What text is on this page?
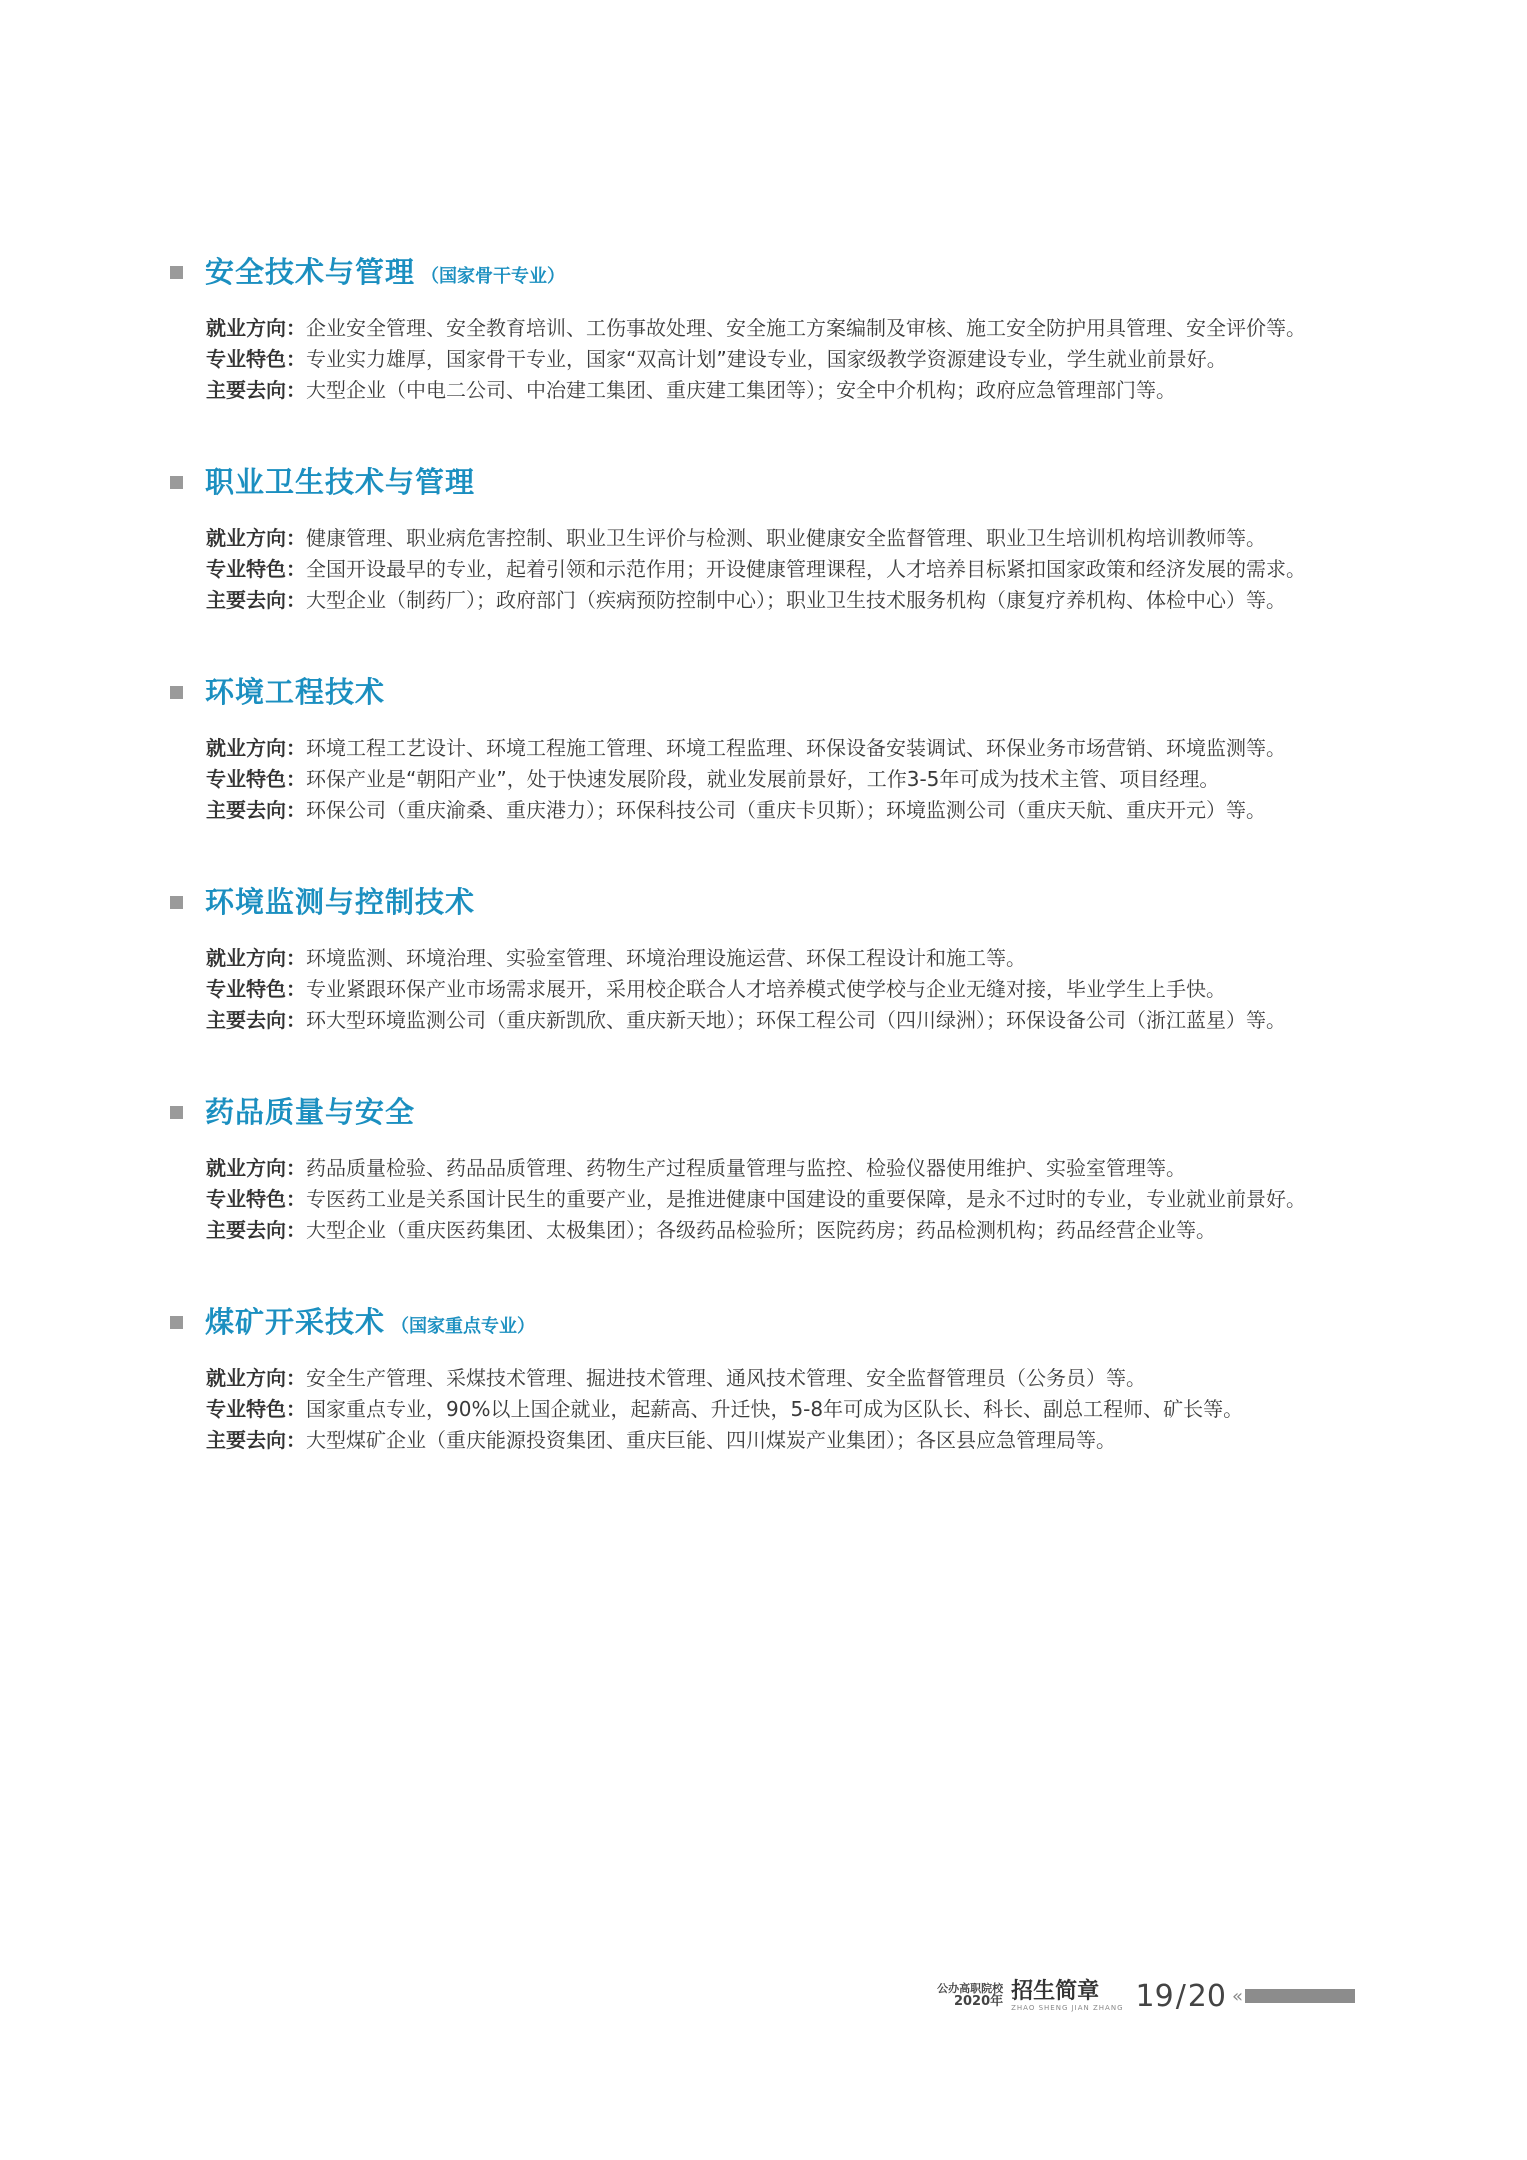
安全技术与管理 （国家骨干专业）
就业方向：企业安全管理、安全教育培训、工伤事故处理、安全施工方案编制及审核、施工安全防护用具管理、安全评价等。
专业特色：专业实力雄厚，国家骨干专业，国家“双高计划”建设专业，国家级教学资源建设专业，学生就业前景好。
主要去向：大型企业（中电二公司、中冶建工集团、重庆建工集团等）；安全中介机构；政府应急管理部门等。
职业卫生技术与管理
就业方向：健康管理、职业病危害控制、职业卫生评价与检测、职业健康安全监督管理、职业卫生培训机构培训教师等。
专业特色：全国开设最早的专业，起着引领和示范作用；开设健康管理课程，人才培养目标紧扣国家政策和经济发展的需求。
主要去向：大型企业（制药厂）；政府部门（疾病预防控制中心）；职业卫生技术服务机构（康复疗养机构、体检中心）等。
环境工程技术
就业方向：环境工程工艺设计、环境工程施工管理、环境工程监理、环保设备安装调试、环保业务市场营销、环境监测等。
专业特色：环保产业是“朝阳产业”，处于快速发展阶段，就业发展前景好，工作3-5年可成为技术主管、项目经理。
主要去向：环保公司（重庆渝桑、重庆港力）；环保科技公司（重庆卡贝斯）；环境监测公司（重庆天航、重庆开元）等。
环境监测与控制技术
就业方向：环境监测、环境治理、实验室管理、环境治理设施运营、环保工程设计和施工等。
专业特色：专业紧跟环保产业市场需求展开，采用校企联合人才培养模式使学校与企业无缝对接，毕业学生上手快。
主要去向：环大型环境监测公司（重庆新凯欣、重庆新天地）；环保工程公司（四川绿洲）；环保设备公司（浙江蓝星）等。
药品质量与安全
就业方向：药品质量检验、药品品质管理、药物生产过程质量管理与监控、检验仪器使用维护、实验室管理等。
专业特色：专医药工业是关系国计民生的重要产业，是推进健康中国建设的重要保障，是永不过时的专业，专业就业前景好。
主要去向：大型企业（重庆医药集团、太极集团）；各级药品检验所；医院药房；药品检测机构；药品经营企业等。
煤矿开采技术 （国家重点专业）
就业方向：安全生产管理、采煤技术管理、掘进技术管理、通风技术管理、安全监督管理员（公务员）等。
专业特色：国家重点专业，90%以上国企就业，起薪高、升迁快，5-8年可成为区队长、科长、副总工程师、矿长等。
主要去向：大型煤矿企业（重庆能源投资集团、重庆巨能、四川煤炭产业集团）；各区县应急管理局等。
公办高职院校
2020年 招生简章
ZHAO SHENG JIAN ZHANG 19 / 20 «
